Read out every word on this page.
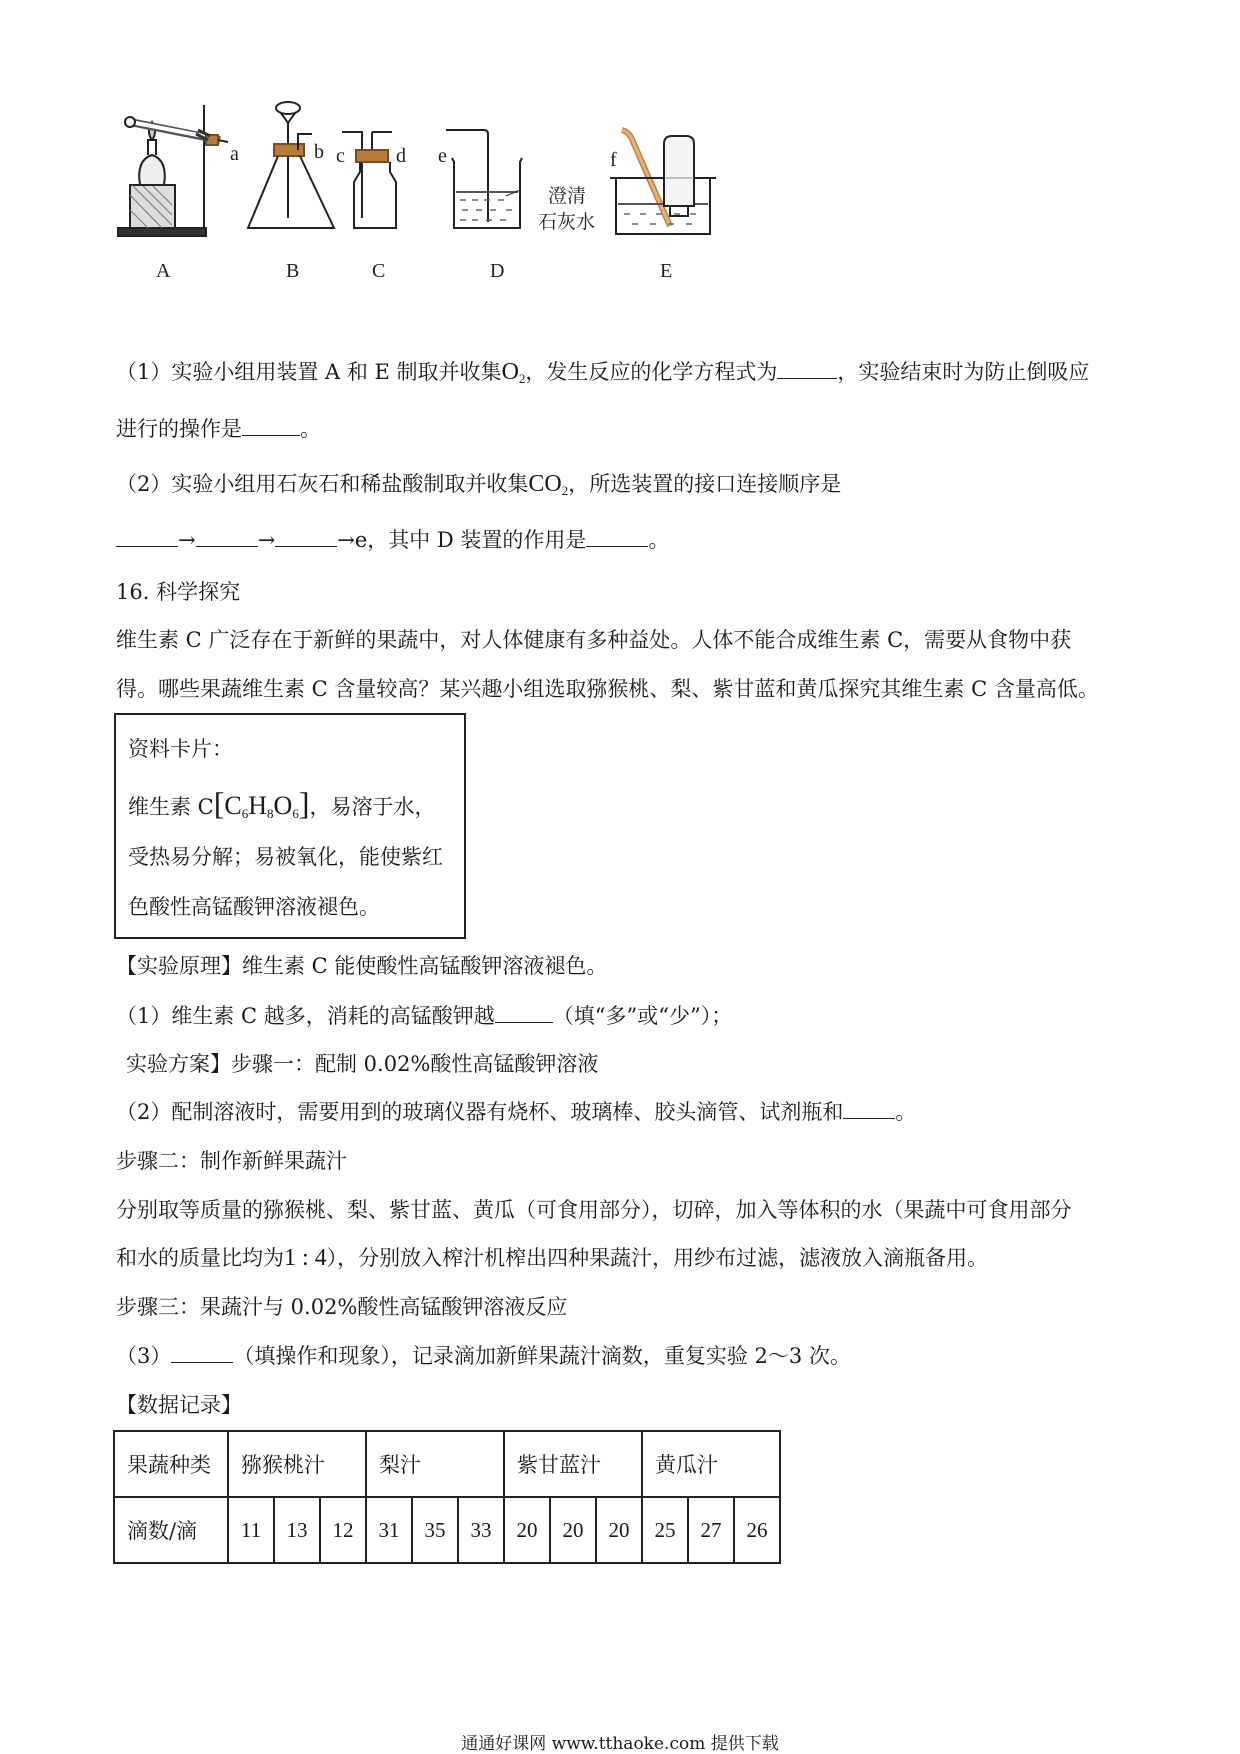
A	B	C	D	E
a	b c	d e	f
澄清
石灰水
（1）实验小组用装置 A 和 E 制取并收集$O_2$，发生反应的化学方程式为	，实验结束时为防止倒吸应
进行的操作是	。
（2）实验小组用石灰石和稀盐酸制取并收集$CO_2$，所选装置的接口连接顺序是
→	→	→e，其中 D 装置的作用是	。
16. 科学探究
维生素 C 广泛存在于新鲜的果蔬中，对人体健康有多种益处。人体不能合成维生素 C，需要从食物中获
得。哪些果蔬维生素 C 含量较高？某兴趣小组选取猕猴桃、梨、紫甘蓝和黄瓜探究其维生素 C 含量高低。
资料卡片：
维生素 $C[C_6H_8O_6]$，易溶于水，
受热易分解；易被氧化，能使紫红
色酸性高锰酸钾溶液褪色。
【实验原理】维生素 C 能使酸性高锰酸钾溶液褪色。
（1）维生素 C 越多，消耗的高锰酸钾越	（填“多”或“少”）；
实验方案】步骤一：配制 0.02%酸性高锰酸钾溶液
（2）配制溶液时，需要用到的玻璃仪器有烧杯、玻璃棒、胶头滴管、试剂瓶和 。
步骤二：制作新鲜果蔬汁
分别取等质量的猕猴桃、梨、紫甘蓝、黄瓜（可食用部分），切碎，加入等体积的水（果蔬中可食用部分
和水的质量比均为1 : 4），分别放入榨汁机榨出四种果蔬汁，用纱布过滤，滤液放入滴瓶备用。
步骤三：果蔬汁与 0.02%酸性高锰酸钾溶液反应
（3）	（填操作和现象），记录滴加新鲜果蔬汁滴数，重复实验 2～3 次。
【数据记录】
果蔬种类	猕猴桃汁			梨汁			紫甘蓝汁			黄瓜汁		
滴数/滴	11	13	12	31	35	33	20	20	20	25	27	26
通通好课网 www.tthaoke.com 提供下载
